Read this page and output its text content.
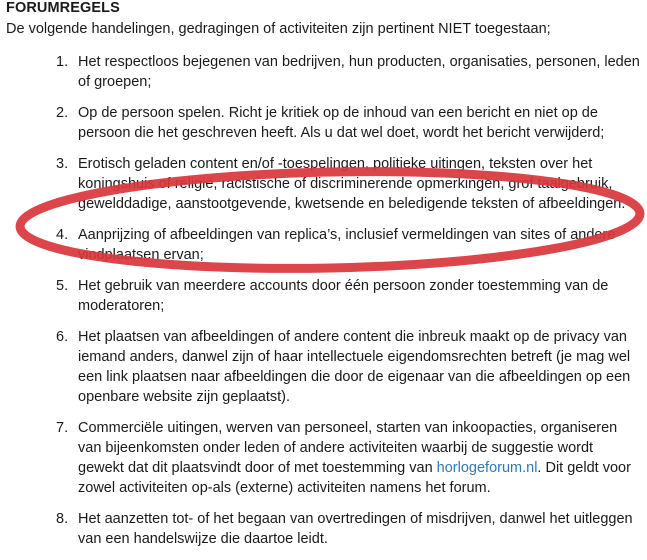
FORUMREGELS
De volgende handelingen, gedragingen of activiteiten zijn pertinent NIET toegestaan;
1. Het respectloos bejegenen van bedrijven, hun producten, organisaties, personen, leden of groepen;
2. Op de persoon spelen. Richt je kritiek op de inhoud van een bericht en niet op de persoon die het geschreven heeft. Als u dat wel doet, wordt het bericht verwijderd;
3. Erotisch geladen content en/of -toespelingen, politieke uitingen, teksten over het koningshuis of religie, racistische of discriminerende opmerkingen, grof taalgebruik, gewelddadige, aanstootgevende, kwetsende en beledigende teksten of afbeeldingen.
4. Aanprijzing of afbeeldingen van replica’s, inclusief vermeldingen van sites of andere vindplaatsen ervan;
5. Het gebruik van meerdere accounts door één persoon zonder toestemming van de moderatoren;
6. Het plaatsen van afbeeldingen of andere content die inbreuk maakt op de privacy van iemand anders, danwel zijn of haar intellectuele eigendomsrechten betreft (je mag wel een link plaatsen naar afbeeldingen die door de eigenaar van die afbeeldingen op een openbare website zijn geplaatst).
7. Commerciële uitingen, werven van personeel, starten van inkoopacties, organiseren van bijeenkomsten onder leden of andere activiteiten waarbij de suggestie wordt gewekt dat dit plaatsvindt door of met toestemming van horlogeforum.nl. Dit geldt voor zowel activiteiten op-als (externe) activiteiten namens het forum.
8. Het aanzetten tot- of het begaan van overtredingen of misdrijven, danwel het uitleggen van een handelswijze die daartoe leidt.
